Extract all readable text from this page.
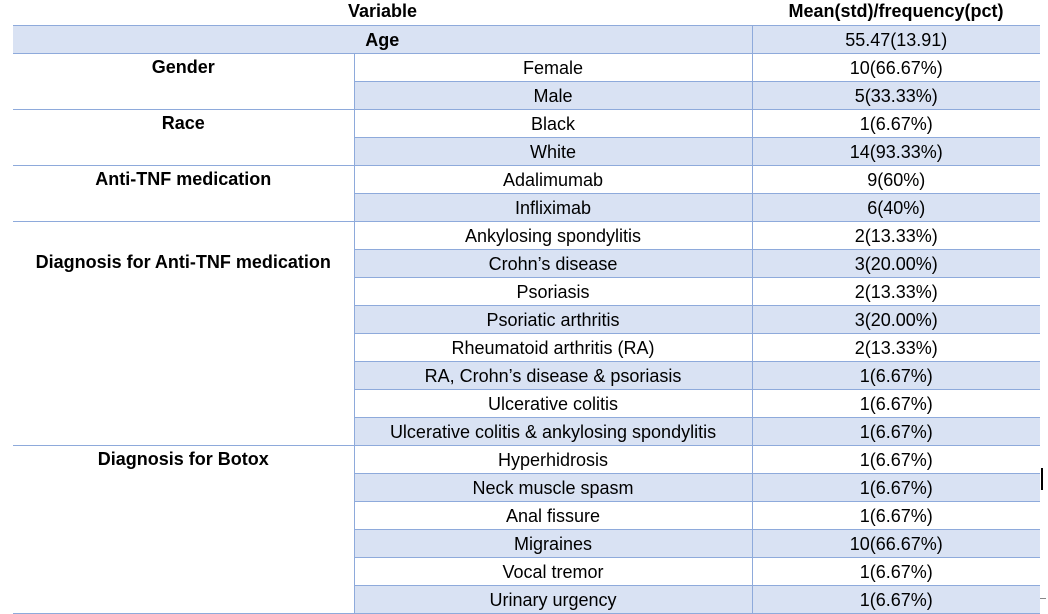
Variable		Mean(std)/frequency(pct)
Age		55.47(13.91)
Gender	Female	10(66.67%)
	Male	5(33.33%)
Race	Black	1(6.67%)
	White	14(93.33%)
Anti-TNF medication	Adalimumab	9(60%)
	Infliximab	6(40%)
Diagnosis for Anti-TNF medication	Ankylosing spondylitis	2(13.33%)
	Crohn’s disease	3(20.00%)
	Psoriasis	2(13.33%)
	Psoriatic arthritis	3(20.00%)
	Rheumatoid arthritis (RA)	2(13.33%)
	RA, Crohn’s disease & psoriasis	1(6.67%)
	Ulcerative colitis	1(6.67%)
	Ulcerative colitis & ankylosing spondylitis	1(6.67%)
Diagnosis for Botox	Hyperhidrosis	1(6.67%)
	Neck muscle spasm	1(6.67%)
	Anal fissure	1(6.67%)
	Migraines	10(66.67%)
	Vocal tremor	1(6.67%)
	Urinary urgency	1(6.67%)
